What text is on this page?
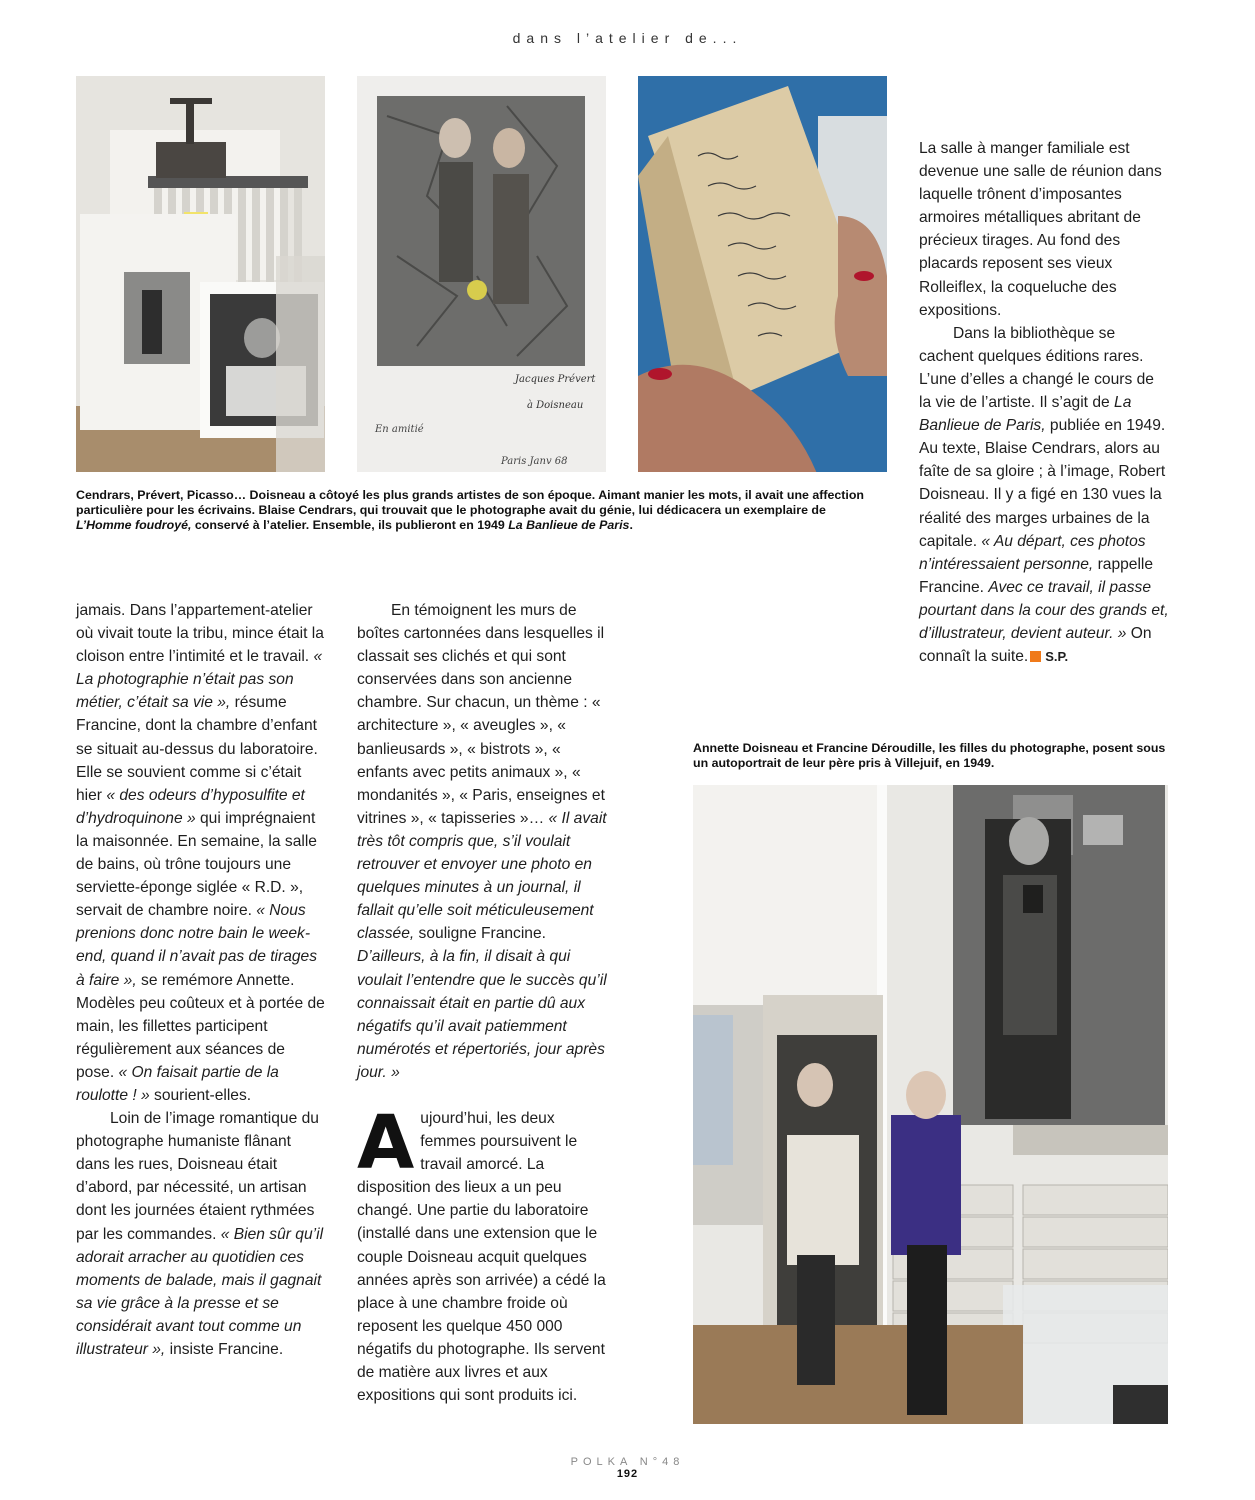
dans l’atelier de...
Jacques Prévert
à Doisneau
En amitié
Paris Janv 68
Cendrars, Prévert, Picasso… Doisneau a côtoyé les plus grands artistes de son époque. Aimant manier les mots, il avait une affection particulière pour les écrivains. Blaise Cendrars, qui trouvait que le photographe avait du génie, lui dédicacera un exemplaire de L’Homme foudroyé, conservé à l’atelier. Ensemble, ils publieront en 1949 La Banlieue de Paris.

jamais. Dans l’appartement-atelier où vivait toute la tribu, mince était la cloison entre l’intimité et le travail. « La photographie n’était pas son métier, c’était sa vie », résume Francine, dont la chambre d’enfant se situait au-dessus du laboratoire. Elle se souvient comme si c’était hier « des odeurs d’hyposulfite et d’hydroquinone » qui imprégnaient la maisonnée. En semaine, la salle de bains, où trône toujours une serviette-éponge siglée « R.D. », servait de chambre noire. « Nous prenions donc notre bain le week-end, quand il n’avait pas de tirages à faire », se remémore Annette. Modèles peu coûteux et à portée de main, les fillettes participent régulièrement aux séances de pose. « On faisait partie de la roulotte ! » sourient-elles.

Loin de l’image romantique du photographe humaniste flânant dans les rues, Doisneau était d’abord, par nécessité, un artisan dont les journées étaient rythmées par les commandes. « Bien sûr qu’il adorait arracher au quotidien ces moments de balade, mais il gagnait sa vie grâce à la presse et se considérait avant tout comme un illustrateur », insiste Francine.

En témoignent les murs de boîtes cartonnées dans lesquelles il classait ses clichés et qui sont conservées dans son ancienne chambre. Sur chacun, un thème : « architecture », « aveugles », « banlieusards », « bistrots », « enfants avec petits animaux », « mondanités », « Paris, enseignes et vitrines », « tapisseries »… « Il avait très tôt compris que, s’il voulait retrouver et envoyer une photo en quelques minutes à un journal, il fallait qu’elle soit méticuleusement classée, souligne Francine. D’ailleurs, à la fin, il disait à qui voulait l’entendre que le succès qu’il connaissait était en partie dû aux négatifs qu’il avait patiemment numérotés et répertoriés, jour après jour. »

Aujourd’hui, les deux femmes poursuivent le travail amorcé. La disposition des lieux a un peu changé. Une partie du laboratoire (installé dans une extension que le couple Doisneau acquit quelques années après son arrivée) a cédé la place à une chambre froide où reposent les quelque 450 000 négatifs du photographe. Ils servent de matière aux livres et aux expositions qui sont produits ici.

La salle à manger familiale est devenue une salle de réunion dans laquelle trônent d’imposantes armoires métalliques abritant de précieux tirages. Au fond des placards reposent ses vieux Rolleiflex, la coqueluche des expositions.

Dans la bibliothèque se cachent quelques éditions rares. L’une d’elles a changé le cours de la vie de l’artiste. Il s’agit de La Banlieue de Paris, publiée en 1949. Au texte, Blaise Cendrars, alors au faîte de sa gloire ; à l’image, Robert Doisneau. Il y a figé en 130 vues la réalité des marges urbaines de la capitale. « Au départ, ces photos n’intéressaient personne, rappelle Francine. Avec ce travail, il passe pourtant dans la cour des grands et, d’illustrateur, devient auteur. » On connaît la suite. S.P.

Annette Doisneau et Francine Déroudille, les filles du photographe, posent sous un autoportrait de leur père pris à Villejuif, en 1949.
POLKA N°48
192
